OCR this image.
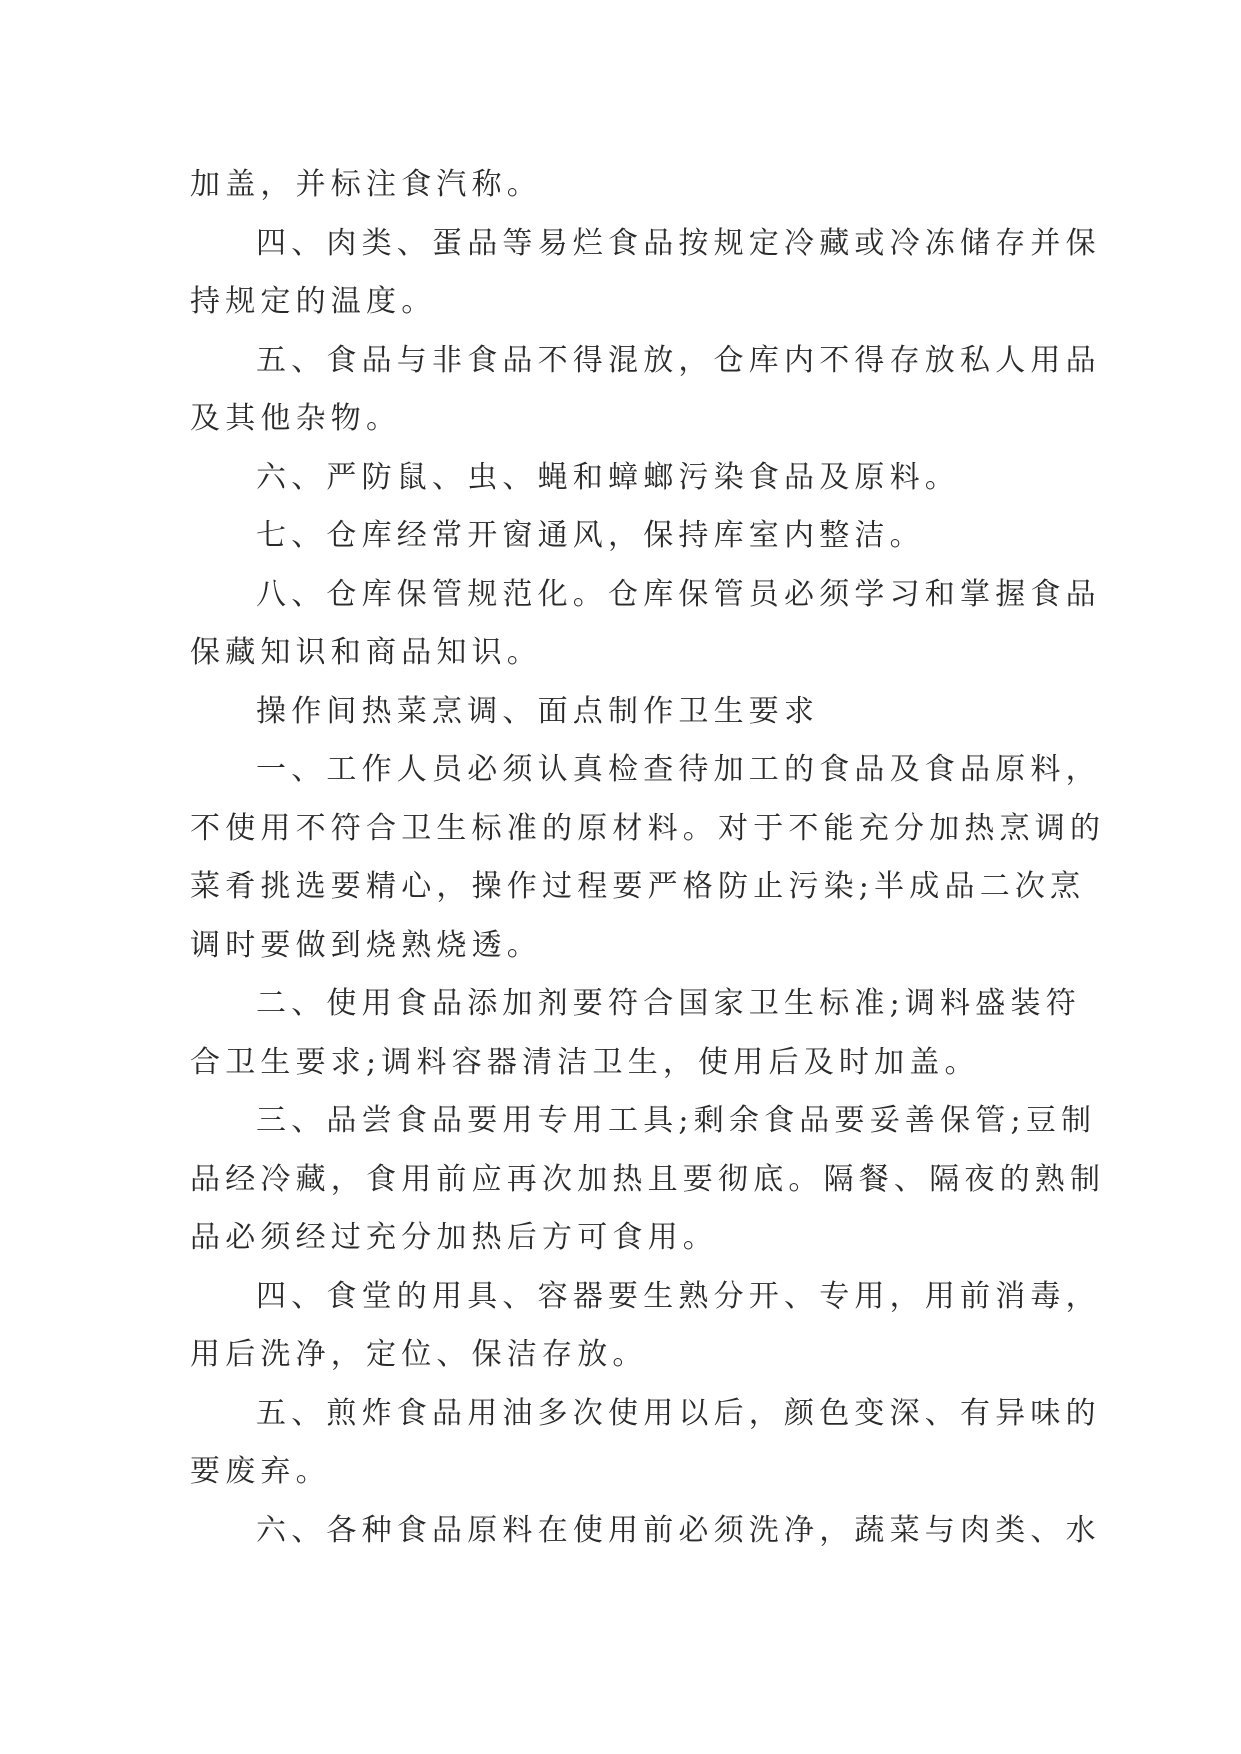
加盖，并标注食汽称。
四、肉类、蛋品等易烂食品按规定冷藏或冷冻储存并保
持规定的温度。
五、食品与非食品不得混放，仓库内不得存放私人用品
及其他杂物。
六、严防鼠、虫、蝇和蟑螂污染食品及原料。
七、仓库经常开窗通风，保持库室内整洁。
八、仓库保管规范化。仓库保管员必须学习和掌握食品
保藏知识和商品知识。
操作间热菜烹调、面点制作卫生要求
一、工作人员必须认真检查待加工的食品及食品原料，
不使用不符合卫生标准的原材料。对于不能充分加热烹调的
菜肴挑选要精心，操作过程要严格防止污染;半成品二次烹
调时要做到烧熟烧透。
二、使用食品添加剂要符合国家卫生标准;调料盛装符
合卫生要求;调料容器清洁卫生，使用后及时加盖。
三、品尝食品要用专用工具;剩余食品要妥善保管;豆制
品经冷藏，食用前应再次加热且要彻底。隔餐、隔夜的熟制
品必须经过充分加热后方可食用。
四、食堂的用具、容器要生熟分开、专用，用前消毒，
用后洗净，定位、保洁存放。
五、煎炸食品用油多次使用以后，颜色变深、有异味的
要废弃。
六、各种食品原料在使用前必须洗净，蔬菜与肉类、水
